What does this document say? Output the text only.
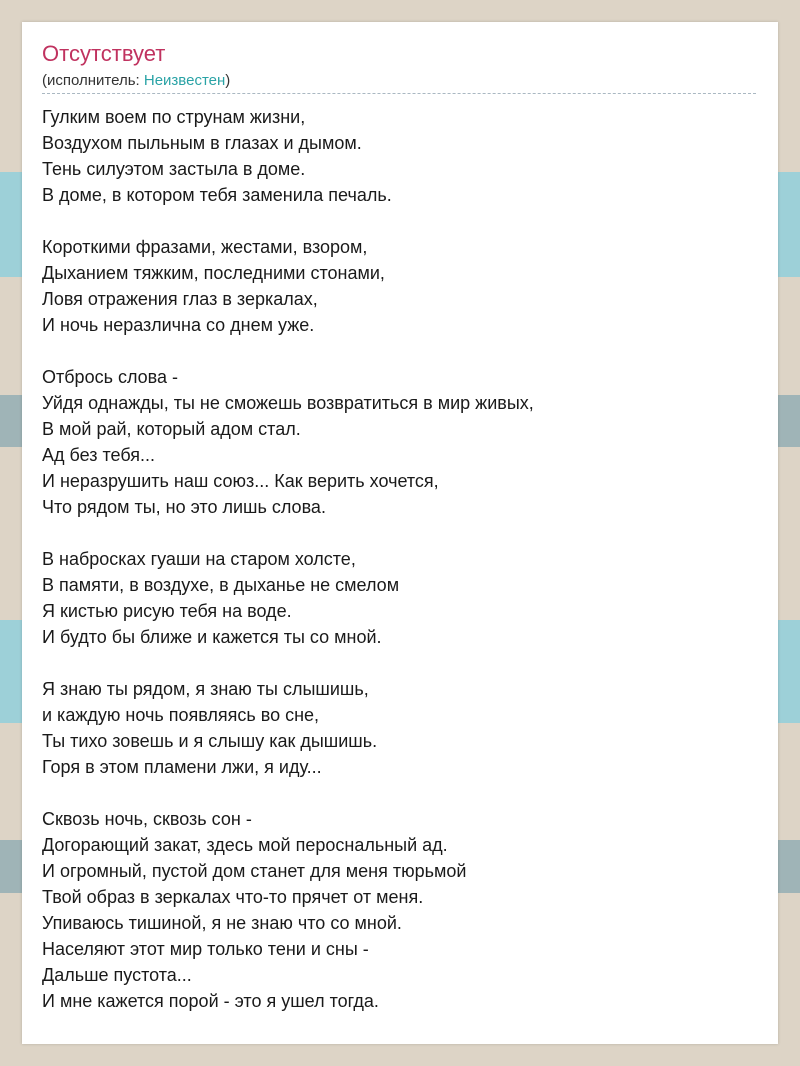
Отсутствует
(исполнитель: Неизвестен)
Гулким воем по струнам жизни,
Воздухом пыльным в глазах и дымом.
Тень силуэтом застыла в доме.
В доме, в котором тебя заменила печаль.
Короткими фразами, жестами, взором,
Дыханием тяжким, последними стонами,
Ловя отражения глаз в зеркалах,
И ночь неразлична со днем уже.
Отбрось слова -
Уйдя однажды, ты не сможешь возвратиться в мир живых,
В мой рай, который адом стал.
Ад без тебя...
И неразрушить наш союз... Как верить хочется,
Что рядом ты, но это лишь слова.
В набросках гуаши на старом холсте,
В памяти, в воздухе, в дыханье не смелом
Я кистью рисую тебя на воде.
И будто бы ближе и кажется ты со мной.
Я знаю ты рядом, я знаю ты слышишь,
и каждую ночь появляясь во сне,
Ты тихо зовешь и я слышу как дышишь.
Горя в этом пламени лжи, я иду...
Сквозь ночь, сквозь сон -
Догорающий закат, здесь мой пероснальный ад.
И огромный, пустой дом станет для меня тюрьмой
Твой образ в зеркалах что-то прячет от меня.
Упиваюсь тишиной, я не знаю что со мной.
Населяют этот мир только тени и сны -
Дальше пустота...
И мне кажется порой - это я ушел тогда.
